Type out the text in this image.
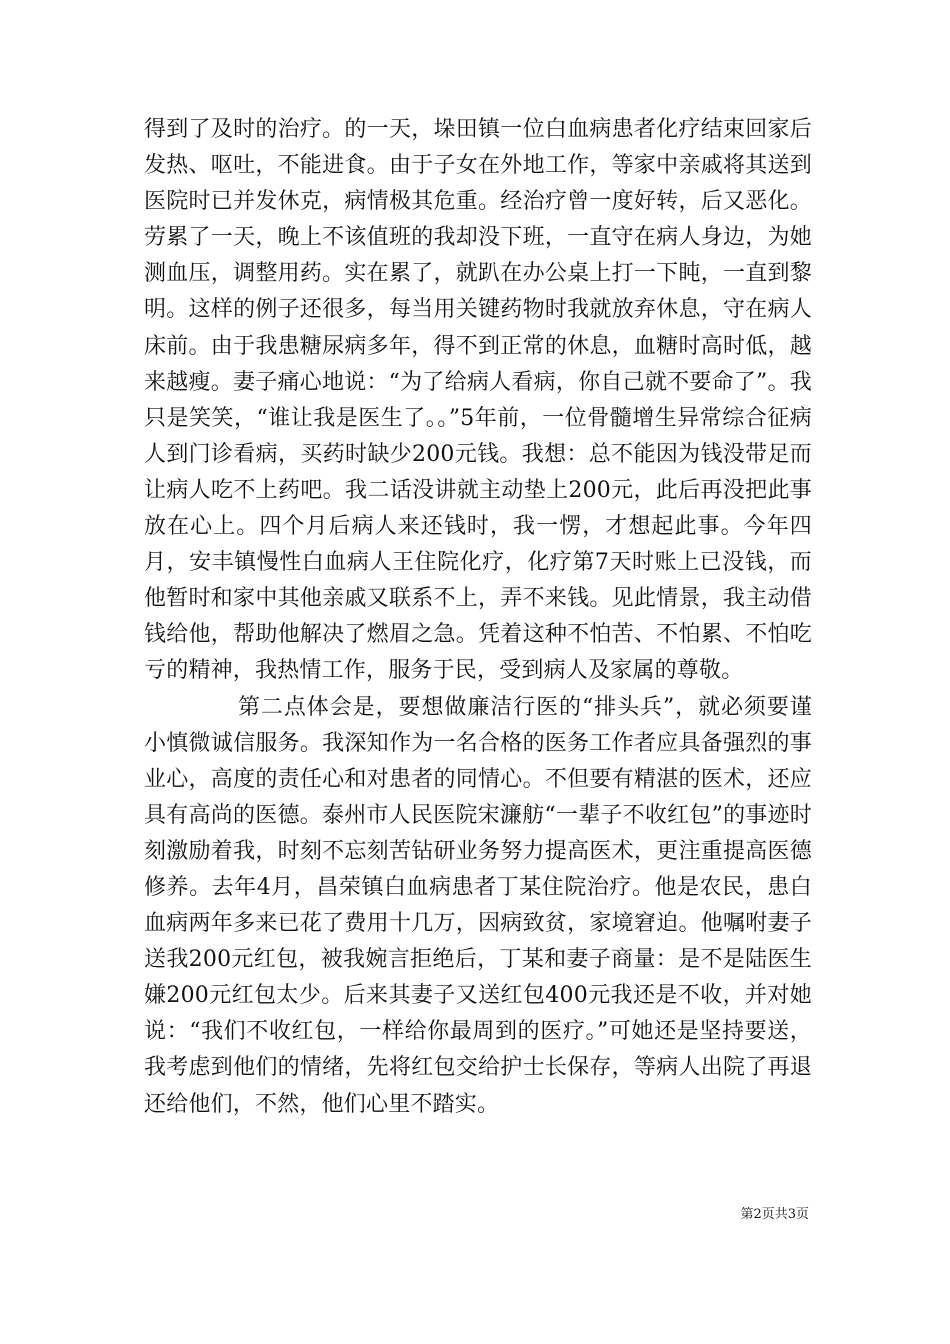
得到了及时的治疗。的一天，垛田镇一位白血病患者化疗结束回家后发热、呕吐，不能进食。由于子女在外地工作，等家中亲戚将其送到医院时已并发休克，病情极其危重。经治疗曾一度好转，后又恶化。劳累了一天，晚上不该值班的我却没下班，一直守在病人身边，为她测血压，调整用药。实在累了，就趴在办公桌上打一下盹，一直到黎明。这样的例子还很多，每当用关键药物时我就放弃休息，守在病人床前。由于我患糖尿病多年，得不到正常的休息，血糖时高时低，越来越瘦。妻子痛心地说：“为了给病人看病，你自己就不要命了”。我只是笑笑，“谁让我是医生了。。”5年前，一位骨髓增生异常综合征病人到门诊看病，买药时缺少200元钱。我想：总不能因为钱没带足而让病人吃不上药吧。我二话没讲就主动垫上200元，此后再没把此事放在心上。四个月后病人来还钱时，我一愣，才想起此事。今年四月，安丰镇慢性白血病人王住院化疗，化疗第7天时账上已没钱，而他暂时和家中其他亲戚又联系不上，弄不来钱。见此情景，我主动借钱给他，帮助他解决了燃眉之急。凭着这种不怕苦、不怕累、不怕吃亏的精神，我热情工作，服务于民，受到病人及家属的尊敬。

第二点体会是，要想做廉洁行医的“排头兵”，就必须要谨小慎微诚信服务。我深知作为一名合格的医务工作者应具备强烈的事业心，高度的责任心和对患者的同情心。不但要有精湛的医术，还应具有高尚的医德。泰州市人民医院宋濂舫“一辈子不收红包”的事迹时刻激励着我，时刻不忘刻苦钻研业务努力提高医术，更注重提高医德修养。去年4月，昌荣镇白血病患者丁某住院治疗。他是农民，患白血病两年多来已花了费用十几万，因病致贫，家境窘迫。他嘱咐妻子送我200元红包，被我婉言拒绝后，丁某和妻子商量：是不是陆医生嫌200元红包太少。后来其妻子又送红包400元我还是不收，并对她说：“我们不收红包，一样给你最周到的医疗。”可她还是坚持要送，我考虑到他们的情绪，先将红包交给护士长保存，等病人出院了再退还给他们，不然，他们心里不踏实。

第2页共3页
